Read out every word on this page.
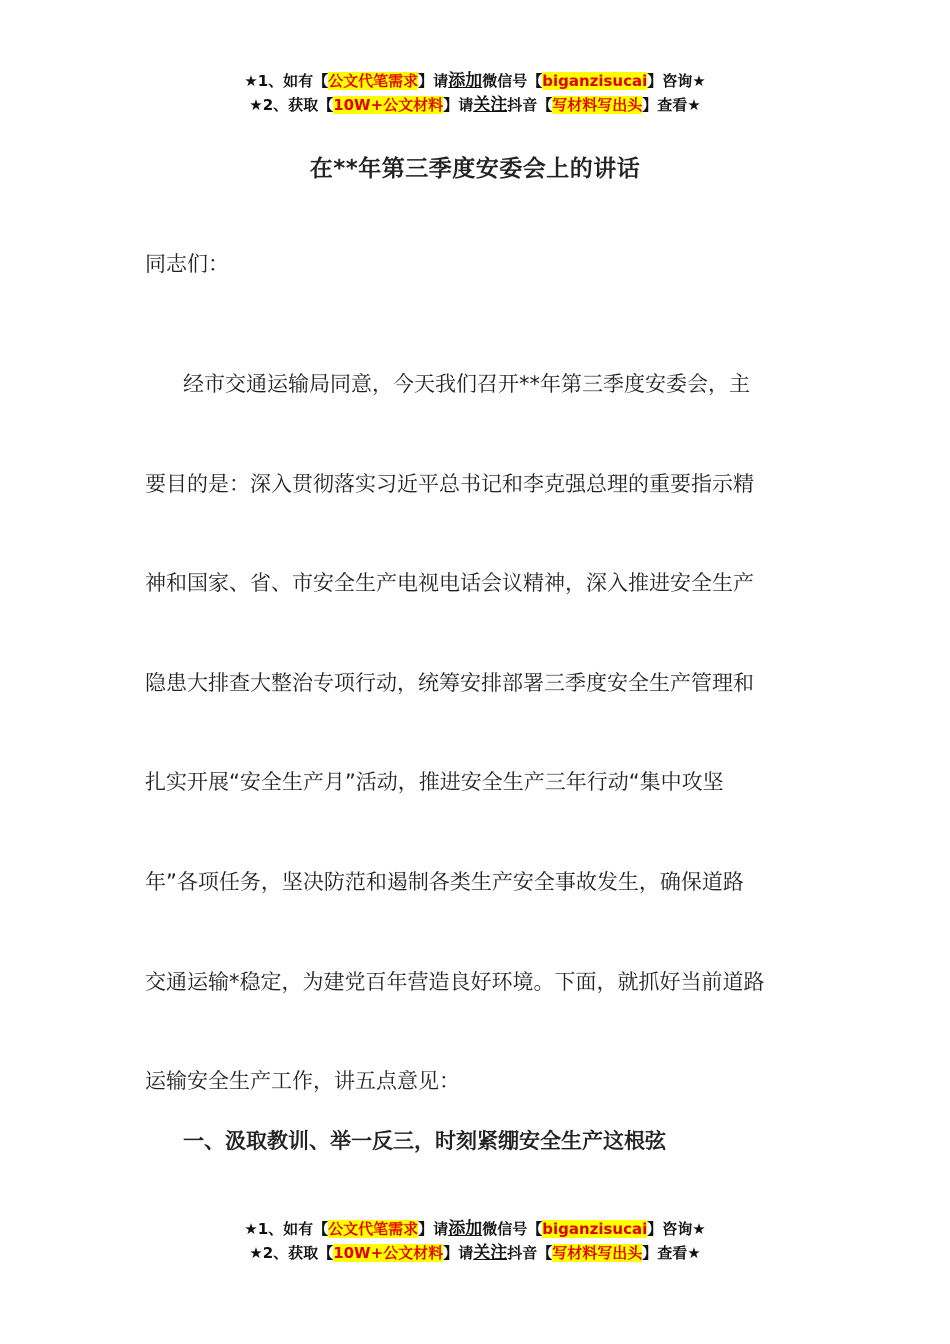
★1、如有【公文代笔需求】请添加微信号【biganzisucai】咨询★
★2、获取【10W+公文材料】请关注抖音【写材料写出头】查看★
在**年第三季度安委会上的讲话
同志们：
经市交通运输局同意，今天我们召开**年第三季度安委会，主
要目的是：深入贯彻落实习近平总书记和李克强总理的重要指示精
神和国家、省、市安全生产电视电话会议精神，深入推进安全生产
隐患大排查大整治专项行动，统筹安排部署三季度安全生产管理和
扎实开展“安全生产月”活动，推进安全生产三年行动“集中攻坚
年”各项任务，坚决防范和遏制各类生产安全事故发生，确保道路
交通运输*稳定，为建党百年营造良好环境。下面，就抓好当前道路
运输安全生产工作，讲五点意见：
一、汲取教训、举一反三，时刻紧绷安全生产这根弦
★1、如有【公文代笔需求】请添加微信号【biganzisucai】咨询★
★2、获取【10W+公文材料】请关注抖音【写材料写出头】查看★
